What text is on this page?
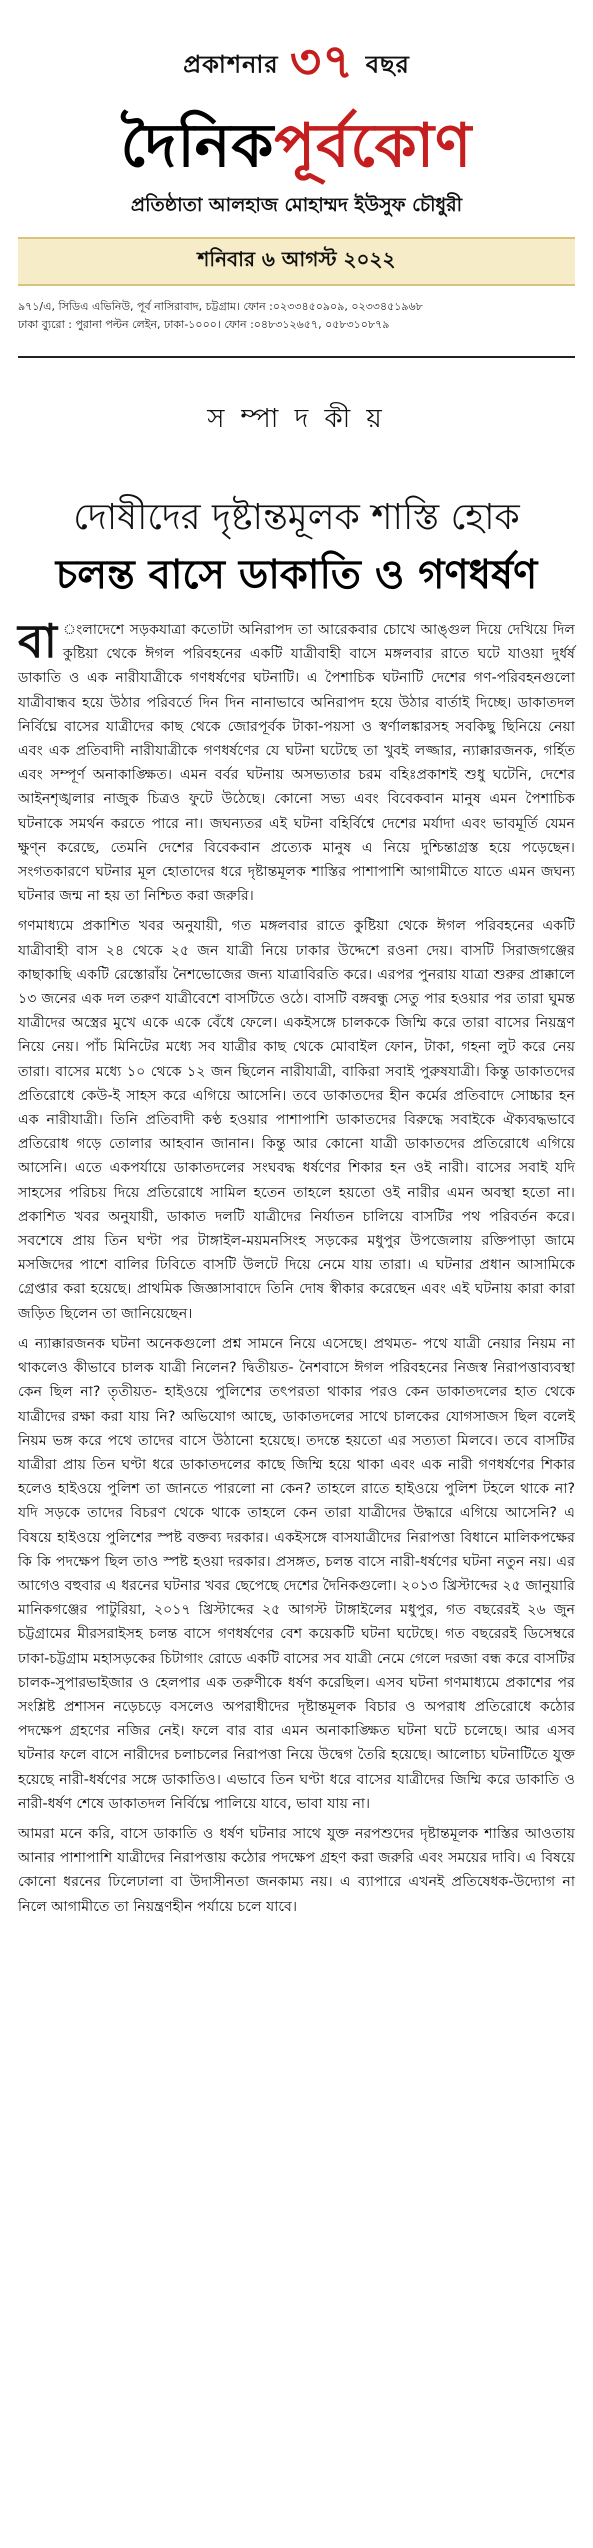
প্রকাশনার ৩৭ বছর
দৈনিকপূর্বকোণ
প্রতিষ্ঠাতা আলহাজ মোহাম্মদ ইউসুফ চৌধুরী
শনিবার ৬ আগস্ট ২০২২
৯৭১/এ, সিডিএ এভিনিউ, পূর্ব নাসিরাবাদ, চট্টগ্রাম। ফোন :০২৩৩৪৫০৯০৯, ০২৩৩৪৫১৯৬৮
ঢাকা ব্যুরো : পুরানা পল্টন লেইন, ঢাকা-১০০০। ফোন :০৪৮৩১২৬৫৭, ০৫৮৩১০৮৭৯
স ম্পা দ কী য়
দোষীদের দৃষ্টান্তমূলক শাস্তি হোক
চলন্ত বাসে ডাকাতি ও গণধর্ষণ

বা ংলাদেশে সড়কযাত্রা কতোটা অনিরাপদ তা আরেকবার চোখে আঙ্গুল দিয়ে দেখিয়ে দিল কুষ্টিয়া থেকে ঈগল পরিবহনের একটি যাত্রীবাহী বাসে মঙ্গলবার রাতে ঘটে যাওয়া দুর্ধর্ষ ডাকাতি ও এক নারীযাত্রীকে গণধর্ষণের ঘটনাটি। এ পৈশাচিক ঘটনাটি দেশের গণ-পরিবহনগুলো যাত্রীবান্ধব হয়ে উঠার পরিবর্তে দিন দিন নানাভাবে অনিরাপদ হয়ে উঠার বার্তাই দিচ্ছে। ডাকাতদল নির্বিঘ্নে বাসের যাত্রীদের কাছ থেকে জোরপূর্বক টাকা-পয়সা ও স্বর্ণালঙ্কারসহ সবকিছু ছিনিয়ে নেয়া এবং এক প্রতিবাদী নারীযাত্রীকে গণধর্ষণের যে ঘটনা ঘটেছে তা খুবই লজ্জার, ন্যাক্কারজনক, গর্হিত এবং সম্পূর্ণ অনাকাঙ্ক্ষিত। এমন বর্বর ঘটনায় অসভ্যতার চরম বহিঃপ্রকাশই শুধু ঘটেনি, দেশের আইনশৃঙ্খলার নাজুক চিত্রও ফুটে উঠেছে। কোনো সভ্য এবং বিবেকবান মানুষ এমন পৈশাচিক ঘটনাকে সমর্থন করতে পারে না। জঘন্যতর এই ঘটনা বহির্বিশ্বে দেশের মর্যাদা এবং ভাবমূর্তি যেমন ক্ষুণ্ন করেছে, তেমনি দেশের বিবেকবান প্রত্যেক মানুষ এ নিয়ে দুশ্চিন্তাগ্রস্ত হয়ে পড়েছেন। সংগতকারণে ঘটনার মূল হোতাদের ধরে দৃষ্টান্তমূলক শাস্তির পাশাপাশি আগামীতে যাতে এমন জঘন্য ঘটনার জন্ম না হয় তা নিশ্চিত করা জরুরি।

গণমাধ্যমে প্রকাশিত খবর অনুযায়ী, গত মঙ্গলবার রাতে কুষ্টিয়া থেকে ঈগল পরিবহনের একটি যাত্রীবাহী বাস ২৪ থেকে ২৫ জন যাত্রী নিয়ে ঢাকার উদ্দেশে রওনা দেয়। বাসটি সিরাজগঞ্জের কাছাকাছি একটি রেস্তোরাঁয় নৈশভোজের জন্য যাত্রাবিরতি করে। এরপর পুনরায় যাত্রা শুরুর প্রাক্কালে ১৩ জনের এক দল তরুণ যাত্রীবেশে বাসটিতে ওঠে। বাসটি বঙ্গবন্ধু সেতু পার হওয়ার পর তারা ঘুমন্ত যাত্রীদের অস্ত্রের মুখে একে একে বেঁধে ফেলে। একইসঙ্গে চালককে জিম্মি করে তারা বাসের নিয়ন্ত্রণ নিয়ে নেয়। পাঁচ মিনিটের মধ্যে সব যাত্রীর কাছ থেকে মোবাইল ফোন, টাকা, গহনা লুট করে নেয় তারা। বাসের মধ্যে ১০ থেকে ১২ জন ছিলেন নারীযাত্রী, বাকিরা সবাই পুরুষযাত্রী। কিন্তু ডাকাতদের প্রতিরোধে কেউ-ই সাহস করে এগিয়ে আসেনি। তবে ডাকাতদের হীন কর্মের প্রতিবাদে সোচ্চার হন এক নারীযাত্রী। তিনি প্রতিবাদী কণ্ঠ হওয়ার পাশাপাশি ডাকাতদের বিরুদ্ধে সবাইকে ঐক্যবদ্ধভাবে প্রতিরোধ গড়ে তোলার আহবান জানান। কিন্তু আর কোনো যাত্রী ডাকাতদের প্রতিরোধে এগিয়ে আসেনি। এতে একপর্যায়ে ডাকাতদলের সংঘবদ্ধ ধর্ষণের শিকার হন ওই নারী। বাসের সবাই যদি সাহসের পরিচয় দিয়ে প্রতিরোধে সামিল হতেন তাহলে হয়তো ওই নারীর এমন অবস্থা হতো না। প্রকাশিত খবর অনুযায়ী, ডাকাত দলটি যাত্রীদের নির্যাতন চালিয়ে বাসটির পথ পরিবর্তন করে। সবশেষে প্রায় তিন ঘণ্টা পর টাঙ্গাইল-ময়মনসিংহ সড়কের মধুপুর উপজেলায় রক্তিপাড়া জামে মসজিদের পাশে বালির ঢিবিতে বাসটি উলটে দিয়ে নেমে যায় তারা। এ ঘটনার প্রধান আসামিকে গ্রেপ্তার করা হয়েছে। প্রাথমিক জিজ্ঞাসাবাদে তিনি দোষ স্বীকার করেছেন এবং এই ঘটনায় কারা কারা জড়িত ছিলেন তা জানিয়েছেন।

এ ন্যাক্কারজনক ঘটনা অনেকগুলো প্রশ্ন সামনে নিয়ে এসেছে। প্রথমত- পথে যাত্রী নেয়ার নিয়ম না থাকলেও কীভাবে চালক যাত্রী নিলেন? দ্বিতীয়ত- নৈশবাসে ঈগল পরিবহনের নিজস্ব নিরাপত্তাব্যবস্থা কেন ছিল না? তৃতীয়ত- হাইওয়ে পুলিশের তৎপরতা থাকার পরও কেন ডাকাতদলের হাত থেকে যাত্রীদের রক্ষা করা যায় নি? অভিযোগ আছে, ডাকাতদলের সাথে চালকের যোগসাজস ছিল বলেই নিয়ম ভঙ্গ করে পথে তাদের বাসে উঠানো হয়েছে। তদন্তে হয়তো এর সত্যতা মিলবে। তবে বাসটির যাত্রীরা প্রায় তিন ঘণ্টা ধরে ডাকাতদলের কাছে জিম্মি হয়ে থাকা এবং এক নারী গণধর্ষণের শিকার হলেও হাইওয়ে পুলিশ তা জানতে পারলো না কেন? তাহলে রাতে হাইওয়ে পুলিশ টহলে থাকে না? যদি সড়কে তাদের বিচরণ থেকে থাকে তাহলে কেন তারা যাত্রীদের উদ্ধারে এগিয়ে আসেনি? এ বিষয়ে হাইওয়ে পুলিশের স্পষ্ট বক্তব্য দরকার। একইসঙ্গে বাসযাত্রীদের নিরাপত্তা বিধানে মালিকপক্ষের কি কি পদক্ষেপ ছিল তাও স্পষ্ট হওয়া দরকার। প্রসঙ্গত, চলন্ত বাসে নারী-ধর্ষণের ঘটনা নতুন নয়। এর আগেও বহুবার এ ধরনের ঘটনার খবর ছেপেছে দেশের দৈনিকগুলো। ২০১৩ খ্রিস্টাব্দের ২৫ জানুয়ারি মানিকগঞ্জের পাটুরিয়া, ২০১৭ খ্রিস্টাব্দের ২৫ আগস্ট টাঙ্গাইলের মধুপুর, গত বছরেরই ২৬ জুন চট্টগ্রামের মীরসরাইসহ চলন্ত বাসে গণধর্ষণের বেশ কয়েকটি ঘটনা ঘটেছে। গত বছরেরই ডিসেম্বরে ঢাকা-চট্টগ্রাম মহাসড়কের চিটাগাং রোডে একটি বাসের সব যাত্রী নেমে গেলে দরজা বন্ধ করে বাসটির চালক-সুপারভাইজার ও হেলপার এক তরুণীকে ধর্ষণ করেছিল। এসব ঘটনা গণমাধ্যমে প্রকাশের পর সংশ্লিষ্ট প্রশাসন নড়েচড়ে বসলেও অপরাধীদের দৃষ্টান্তমূলক বিচার ও অপরাধ প্রতিরোধে কঠোর পদক্ষেপ গ্রহণের নজির নেই। ফলে বার বার এমন অনাকাঙ্ক্ষিত ঘটনা ঘটে চলেছে। আর এসব ঘটনার ফলে বাসে নারীদের চলাচলের নিরাপত্তা নিয়ে উদ্বেগ তৈরি হয়েছে। আলোচ্য ঘটনাটিতে যুক্ত হয়েছে নারী-ধর্ষণের সঙ্গে ডাকাতিও। এভাবে তিন ঘণ্টা ধরে বাসের যাত্রীদের জিম্মি করে ডাকাতি ও নারী-ধর্ষণ শেষে ডাকাতদল নির্বিঘ্নে পালিয়ে যাবে, ভাবা যায় না।

আমরা মনে করি, বাসে ডাকাতি ও ধর্ষণ ঘটনার সাথে যুক্ত নরপশুদের দৃষ্টান্তমূলক শাস্তির আওতায় আনার পাশাপাশি যাত্রীদের নিরাপত্তায় কঠোর পদক্ষেপ গ্রহণ করা জরুরি এবং সময়ের দাবি। এ বিষয়ে কোনো ধরনের ঢিলেঢালা বা উদাসীনতা জনকাম্য নয়। এ ব্যাপারে এখনই প্রতিষেধক-উদ্যোগ না নিলে আগামীতে তা নিয়ন্ত্রণহীন পর্যায়ে চলে যাবে।
